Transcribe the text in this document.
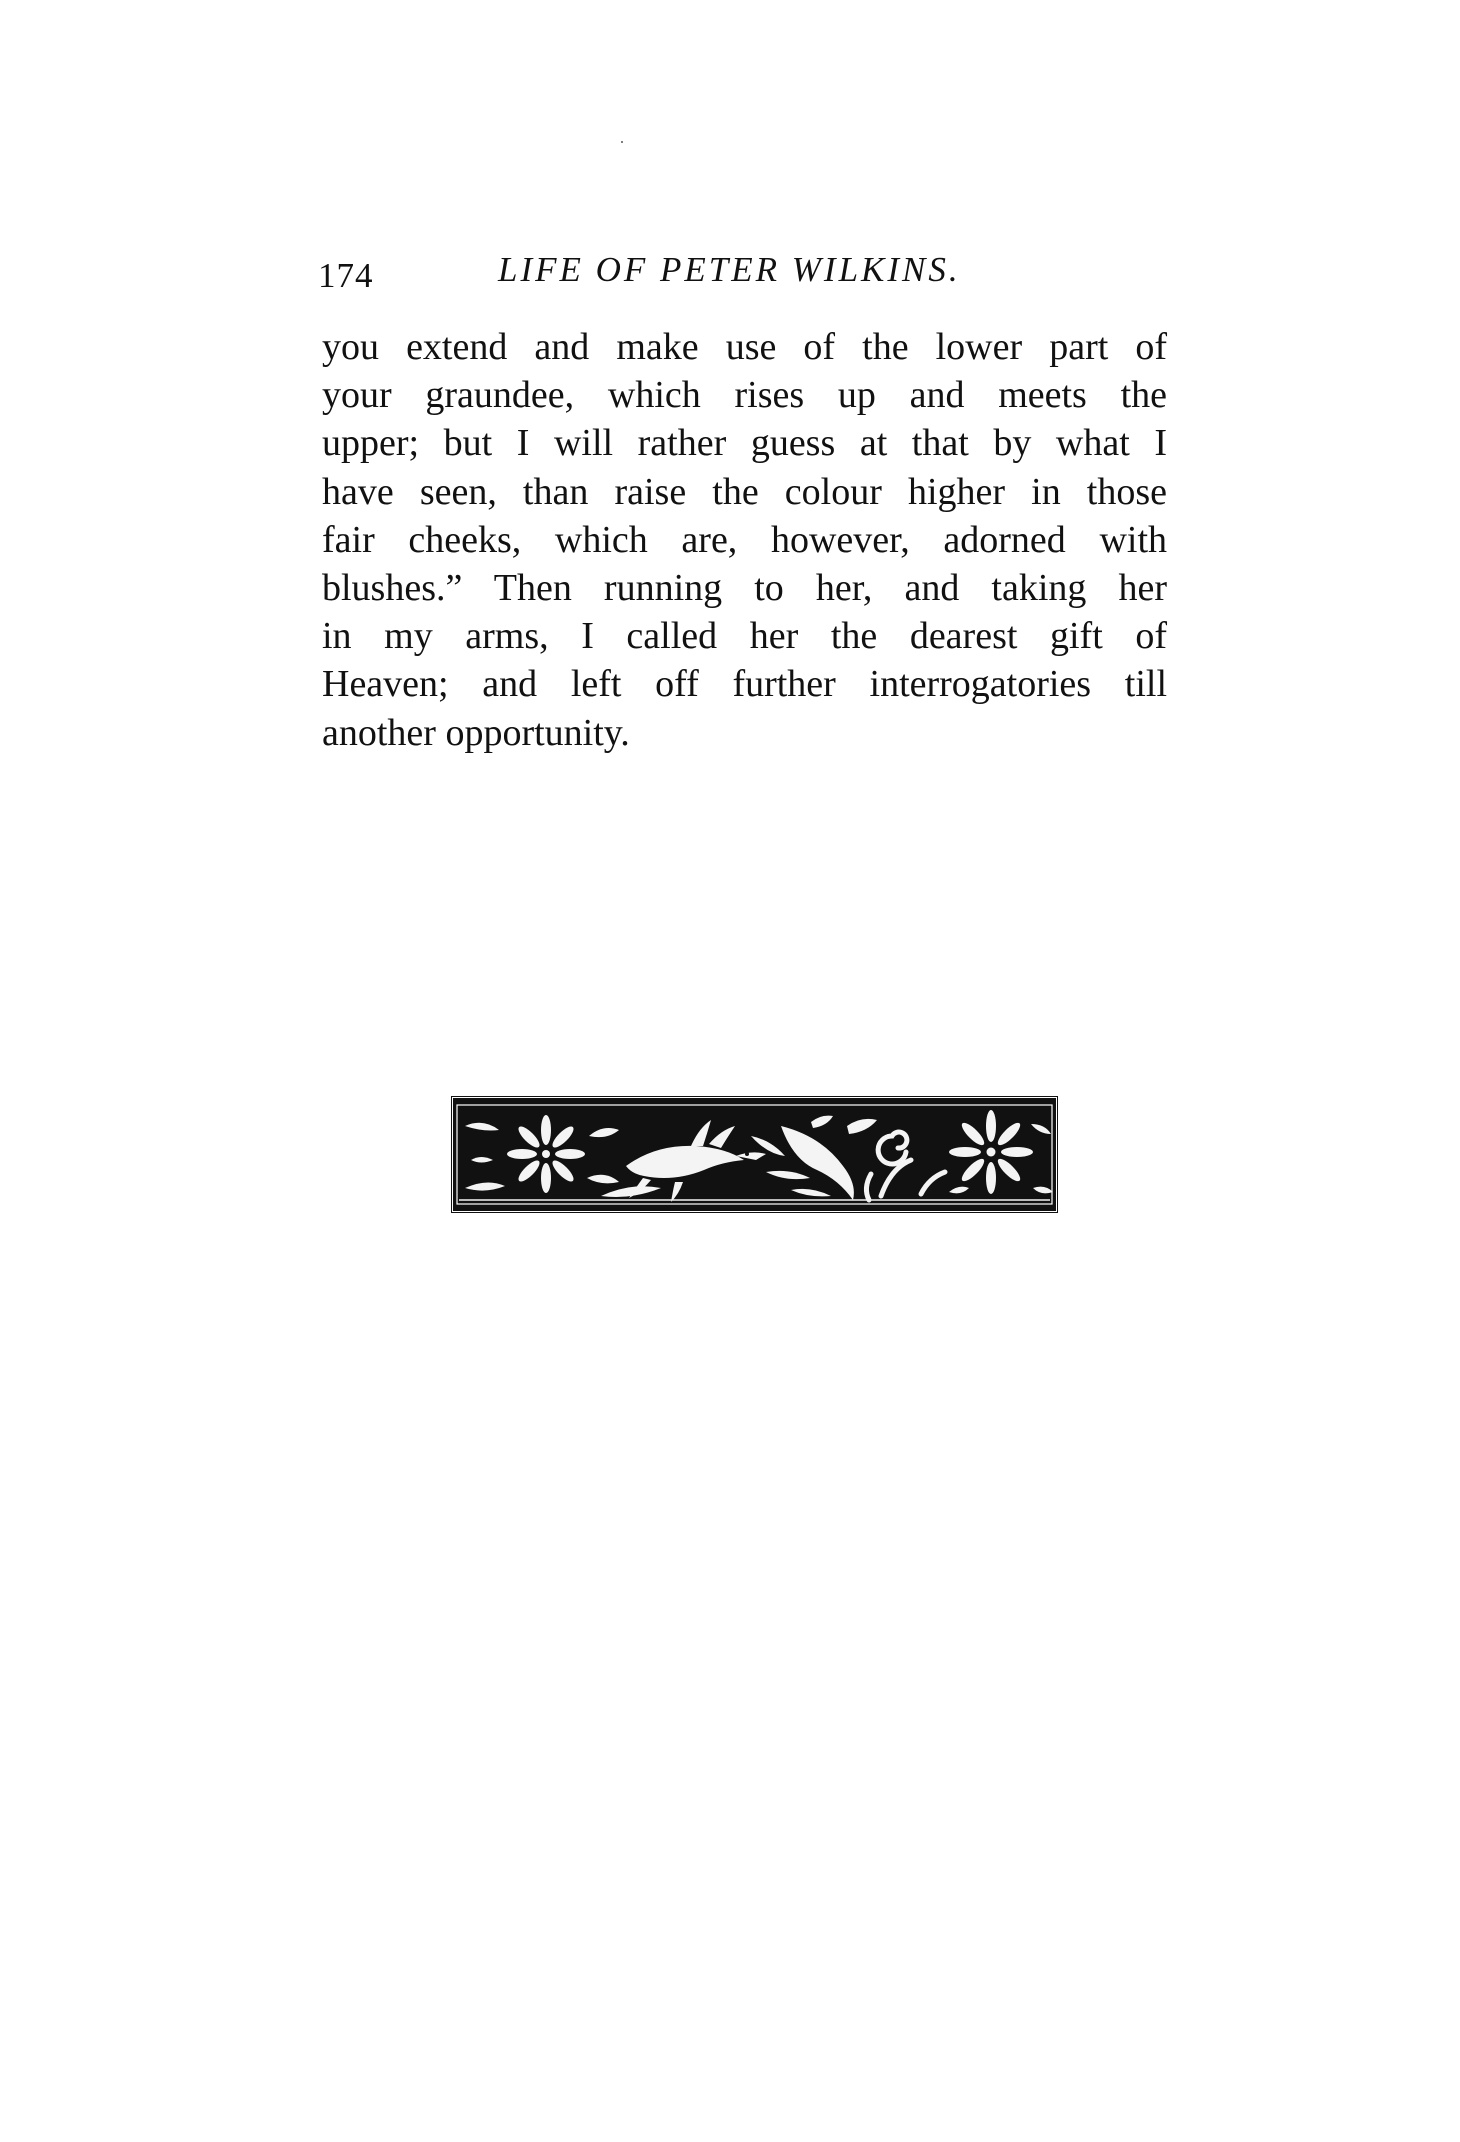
174	LIFE OF PETER WILKINS.
you extend and make use of the lower part of
your graundee, which rises up and meets the
upper; but I will rather guess at that by what I
have seen, than raise the colour higher in those
fair cheeks, which are, however, adorned with
blushes.” Then running to her, and taking her
in my arms, I called her the dearest gift of
Heaven; and left off further interrogatories till
another opportunity.
